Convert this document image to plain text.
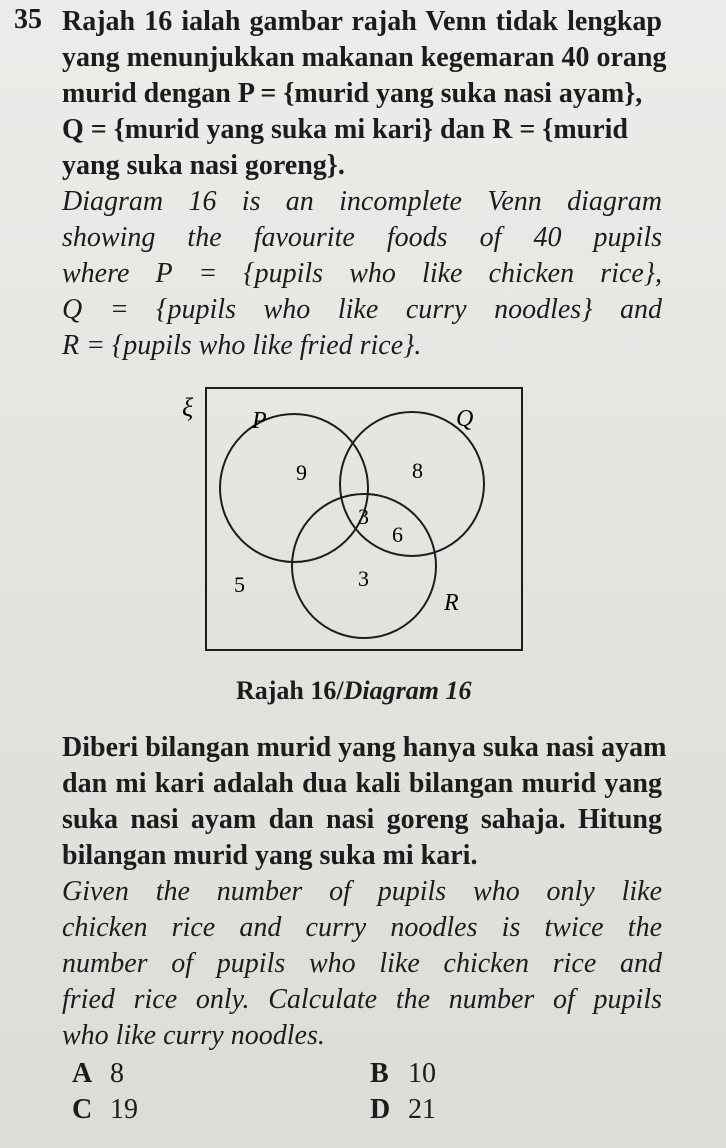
35 Rajah 16 ialah gambar rajah Venn tidak lengkap
yang menunjukkan makanan kegemaran 40 orang
murid dengan P = {murid yang suka nasi ayam},
Q = {murid yang suka mi kari} dan R = {murid
yang suka nasi goreng}.
Diagram 16 is an incomplete Venn diagram
showing the favourite foods of 40 pupils
where P = {pupils who like chicken rice},
Q = {pupils who like curry noodles} and
R = {pupils who like fried rice}.
ξ P	Q
R
9	8
3
6
5	3
Rajah 16/Diagram 16
Diberi bilangan murid yang hanya suka nasi ayam
dan mi kari adalah dua kali bilangan murid yang
suka nasi ayam dan nasi goreng sahaja. Hitung
bilangan murid yang suka mi kari.
Given the number of pupils who only like
chicken rice and curry noodles is twice the
number of pupils who like chicken rice and
fried rice only. Calculate the number of pupils
who like curry noodles.
A 8	B 10
C 19	D 21
